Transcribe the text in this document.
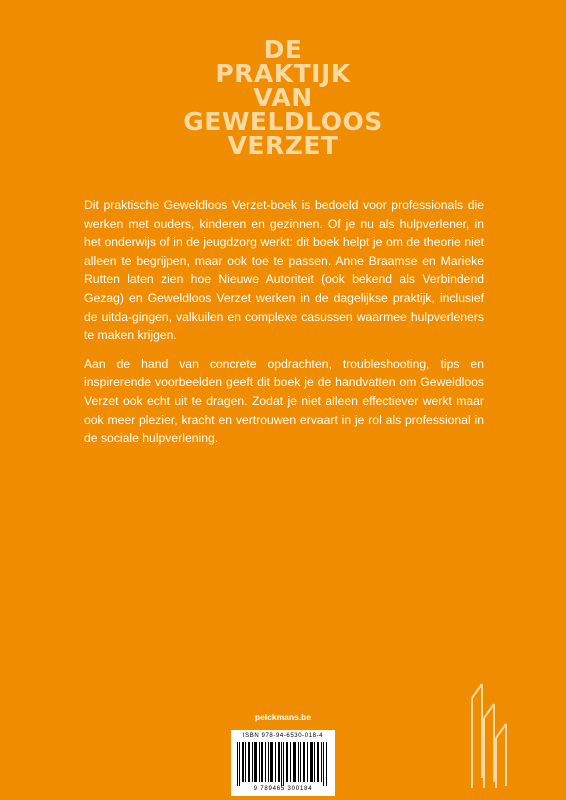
DE
PRAKTIJK
VAN
GEWELDLOOS
VERZET

Dit praktische Geweldloos Verzet-boek is bedoeld voor professionals die werken met ouders, kinderen en gezinnen. Of je nu als hulpverlener, in het onderwijs of in de jeugdzorg werkt: dit boek helpt je om de theorie niet alleen te begrijpen, maar ook toe te passen. Anne Braamse en Marieke Rutten laten zien hoe Nieuwe Autoriteit (ook bekend als Verbindend Gezag) en Geweldloos Verzet werken in de dagelijkse praktijk, inclusief de uitda-gingen, valkuilen en complexe casussen waarmee hulpverleners te maken krijgen.

Aan de hand van concrete opdrachten, troubleshooting, tips en inspirerende voorbeelden geeft dit boek je de handvatten om Geweldloos Verzet ook echt uit te dragen. Zodat je niet alleen effectiever werkt maar ook meer plezier, kracht en vertrouwen ervaart in je rol als professional in de sociale hulpverlening.

pelckmans.be
ISBN 978-94-6530-018-4
9 789465 300184
